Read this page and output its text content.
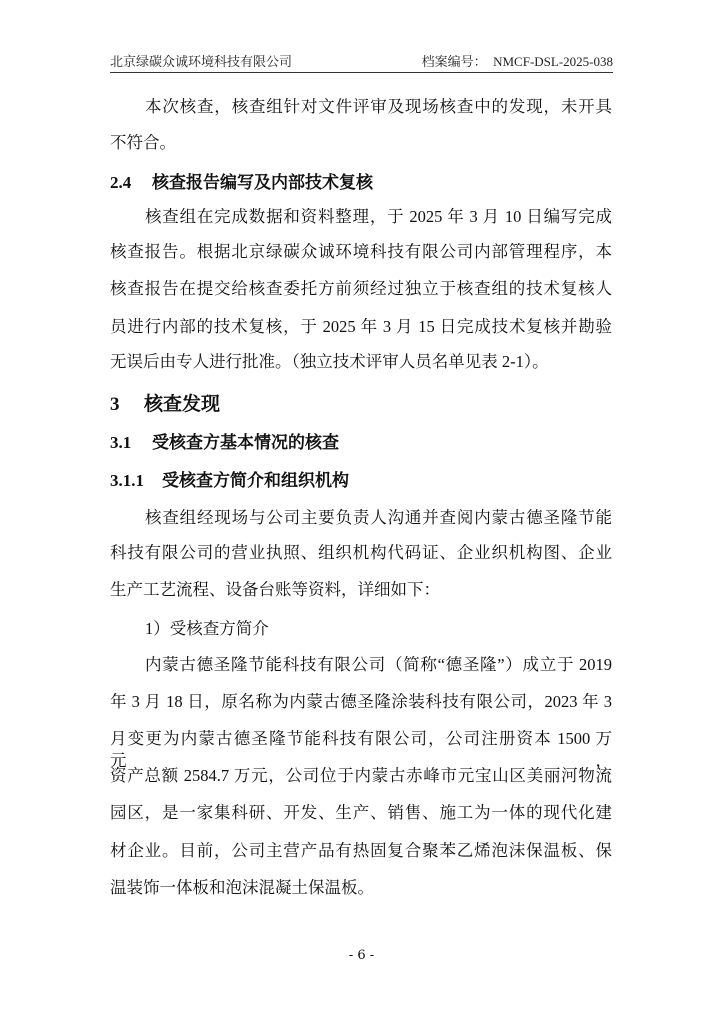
北京绿碳众诚环境科技有限公司	档案编号： NMCF-DSL-2025-038
本次核查，核查组针对文件评审及现场核查中的发现，未开具
不符合。
2.4 核查报告编写及内部技术复核
核查组在完成数据和资料整理，于 2025 年 3 月 10 日编写完成
核查报告。根据北京绿碳众诚环境科技有限公司内部管理程序，本
核查报告在提交给核查委托方前须经过独立于核查组的技术复核人
员进行内部的技术复核，于 2025 年 3 月 15 日完成技术复核并勘验
无误后由专人进行批准。（独立技术评审人员名单见表 2-1）。
3 核查发现
3.1 受核查方基本情况的核查
3.1.1 受核查方简介和组织机构
核查组经现场与公司主要负责人沟通并查阅内蒙古德圣隆节能
科技有限公司的营业执照、组织机构代码证、企业织机构图、企业
生产工艺流程、设备台账等资料，详细如下：
1）受核查方简介
内蒙古德圣隆节能科技有限公司（简称“德圣隆”）成立于 2019
年 3 月 18 日，原名称为内蒙古德圣隆涂装科技有限公司，2023 年 3
月变更为内蒙古德圣隆节能科技有限公司，公司注册资本 1500 万元，
资产总额 2584.7 万元，公司位于内蒙古赤峰市元宝山区美丽河物流
园区，是一家集科研、开发、生产、销售、施工为一体的现代化建
材企业。目前，公司主营产品有热固复合聚苯乙烯泡沫保温板、保
温装饰一体板和泡沫混凝土保温板。
- 6 -
